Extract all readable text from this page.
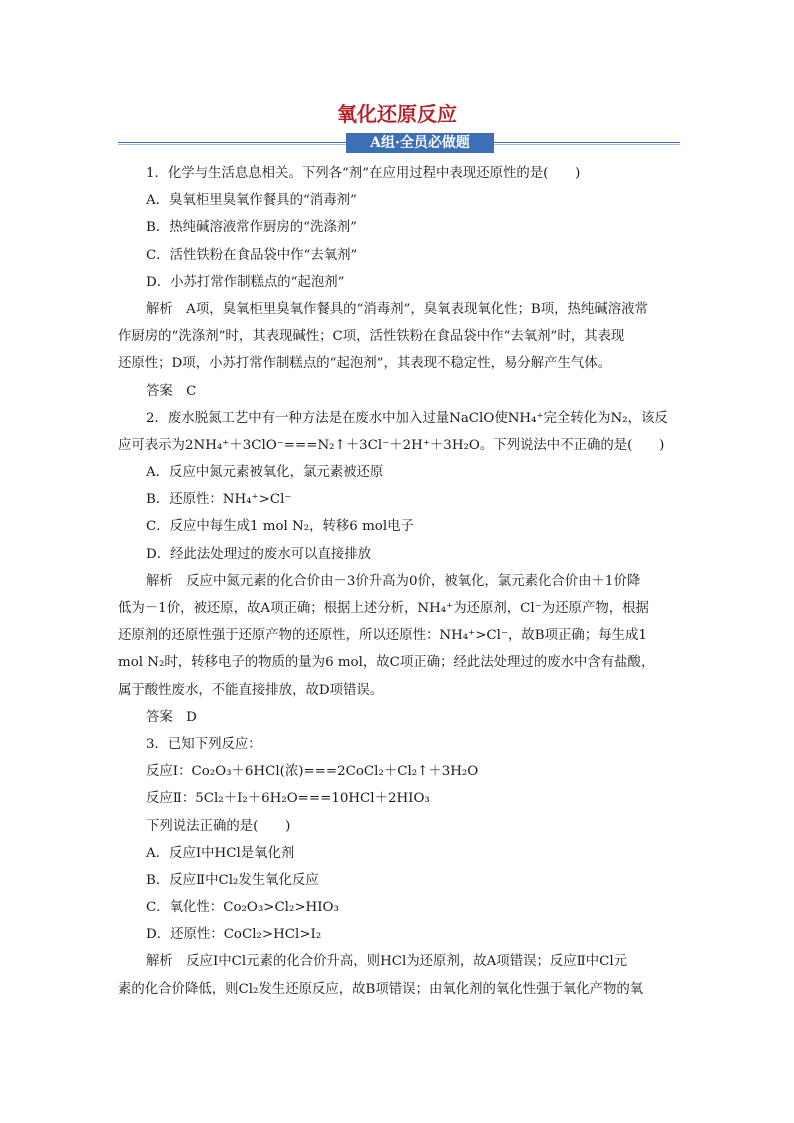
氧化还原反应
A组·全员必做题
1．化学与生活息息相关。下列各“剂”在应用过程中表现还原性的是(　　)
A．臭氧柜里臭氧作餐具的“消毒剂”
B．热纯碱溶液常作厨房的“洗涤剂”
C．活性铁粉在食品袋中作“去氧剂”
D．小苏打常作制糕点的“起泡剂”
解析　A项，臭氧柜里臭氧作餐具的“消毒剂”，臭氧表现氧化性；B项，热纯碱溶液常
作厨房的“洗涤剂”时，其表现碱性；C项，活性铁粉在食品袋中作“去氧剂”时，其表现
还原性；D项，小苏打常作制糕点的“起泡剂”，其表现不稳定性，易分解产生气体。
答案　C
2．废水脱氮工艺中有一种方法是在废水中加入过量NaClO使NH₄⁺完全转化为N₂，该反
应可表示为2NH₄⁺＋3ClO⁻===N₂↑＋3Cl⁻＋2H⁺＋3H₂O。下列说法中不正确的是(　　)
A．反应中氮元素被氧化，氯元素被还原
B．还原性：NH₄⁺>Cl⁻
C．反应中每生成1 mol N₂，转移6 mol电子
D．经此法处理过的废水可以直接排放
解析　反应中氮元素的化合价由－3价升高为0价，被氧化，氯元素化合价由＋1价降
低为－1价，被还原，故A项正确；根据上述分析，NH₄⁺为还原剂，Cl⁻为还原产物，根据
还原剂的还原性强于还原产物的还原性，所以还原性：NH₄⁺>Cl⁻，故B项正确；每生成1
mol N₂时，转移电子的物质的量为6 mol，故C项正确；经此法处理过的废水中含有盐酸，
属于酸性废水，不能直接排放，故D项错误。
答案　D
3．已知下列反应：
反应Ⅰ：Co₂O₃＋6HCl(浓)===2CoCl₂＋Cl₂↑＋3H₂O
反应Ⅱ：5Cl₂＋I₂＋6H₂O===10HCl＋2HIO₃
下列说法正确的是(　　)
A．反应Ⅰ中HCl是氧化剂
B．反应Ⅱ中Cl₂发生氧化反应
C．氧化性：Co₂O₃>Cl₂>HIO₃
D．还原性：CoCl₂>HCl>I₂
解析　反应Ⅰ中Cl元素的化合价升高，则HCl为还原剂，故A项错误；反应Ⅱ中Cl元
素的化合价降低，则Cl₂发生还原反应，故B项错误；由氧化剂的氧化性强于氧化产物的氧
